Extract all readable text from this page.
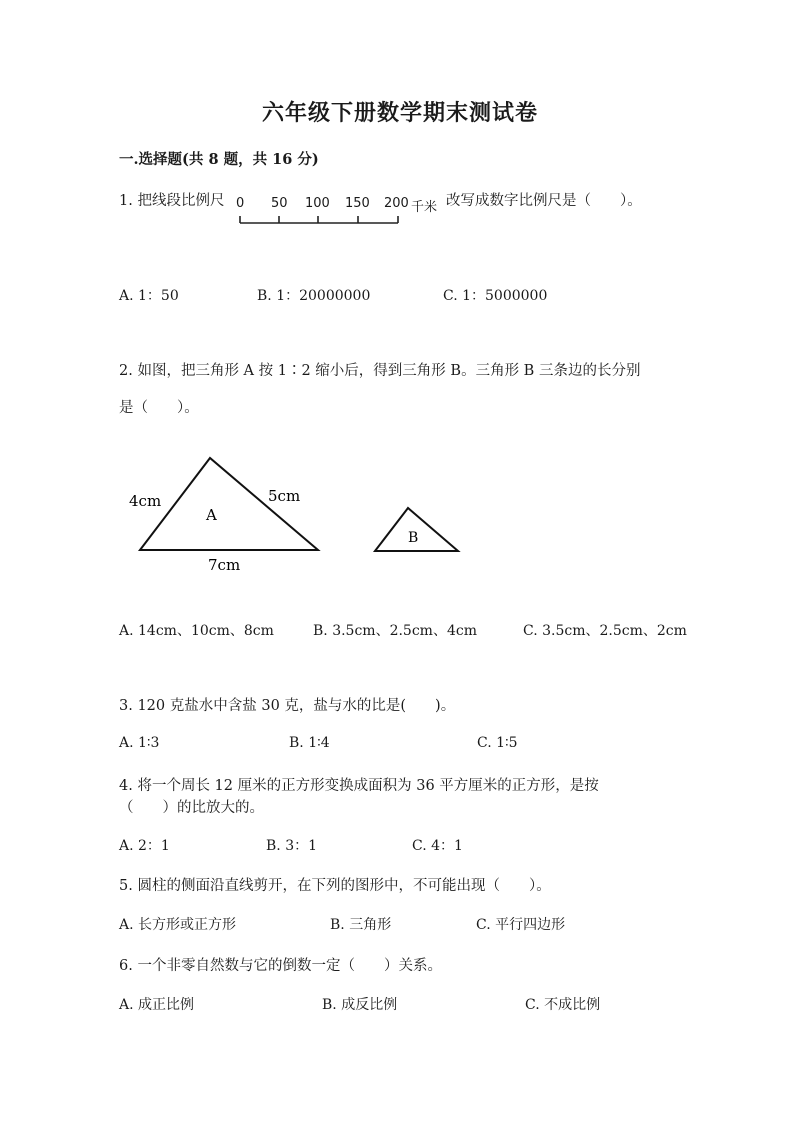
六年级下册数学期末测试卷
一.选择题(共 8 题，共 16 分)
1. 把线段比例尺 0 50 100 150 200 千米 改写成数字比例尺是（　　）。
A. 1：50	B. 1：20000000	C. 1：5000000
2. 如图，把三角形 A 按 1∶2 缩小后，得到三角形 B。三角形 B 三条边的长分别
是（　　）。
A
4cm	5cm
7cm
B
A. 14cm、10cm、8cm	B. 3.5cm、2.5cm、4cm	C. 3.5cm、2.5cm、2cm
3. 120 克盐水中含盐 30 克，盐与水的比是(　　)。
A. 1∶3	B. 1∶4	C. 1∶5
4. 将一个周长 12 厘米的正方形变换成面积为 36 平方厘米的正方形，是按
（　　）的比放大的。
A. 2：1	B. 3：1	C. 4：1
5. 圆柱的侧面沿直线剪开，在下列的图形中，不可能出现（　　）。
A. 长方形或正方形	B. 三角形	C. 平行四边形
6. 一个非零自然数与它的倒数一定（　　）关系。
A. 成正比例	B. 成反比例	C. 不成比例
